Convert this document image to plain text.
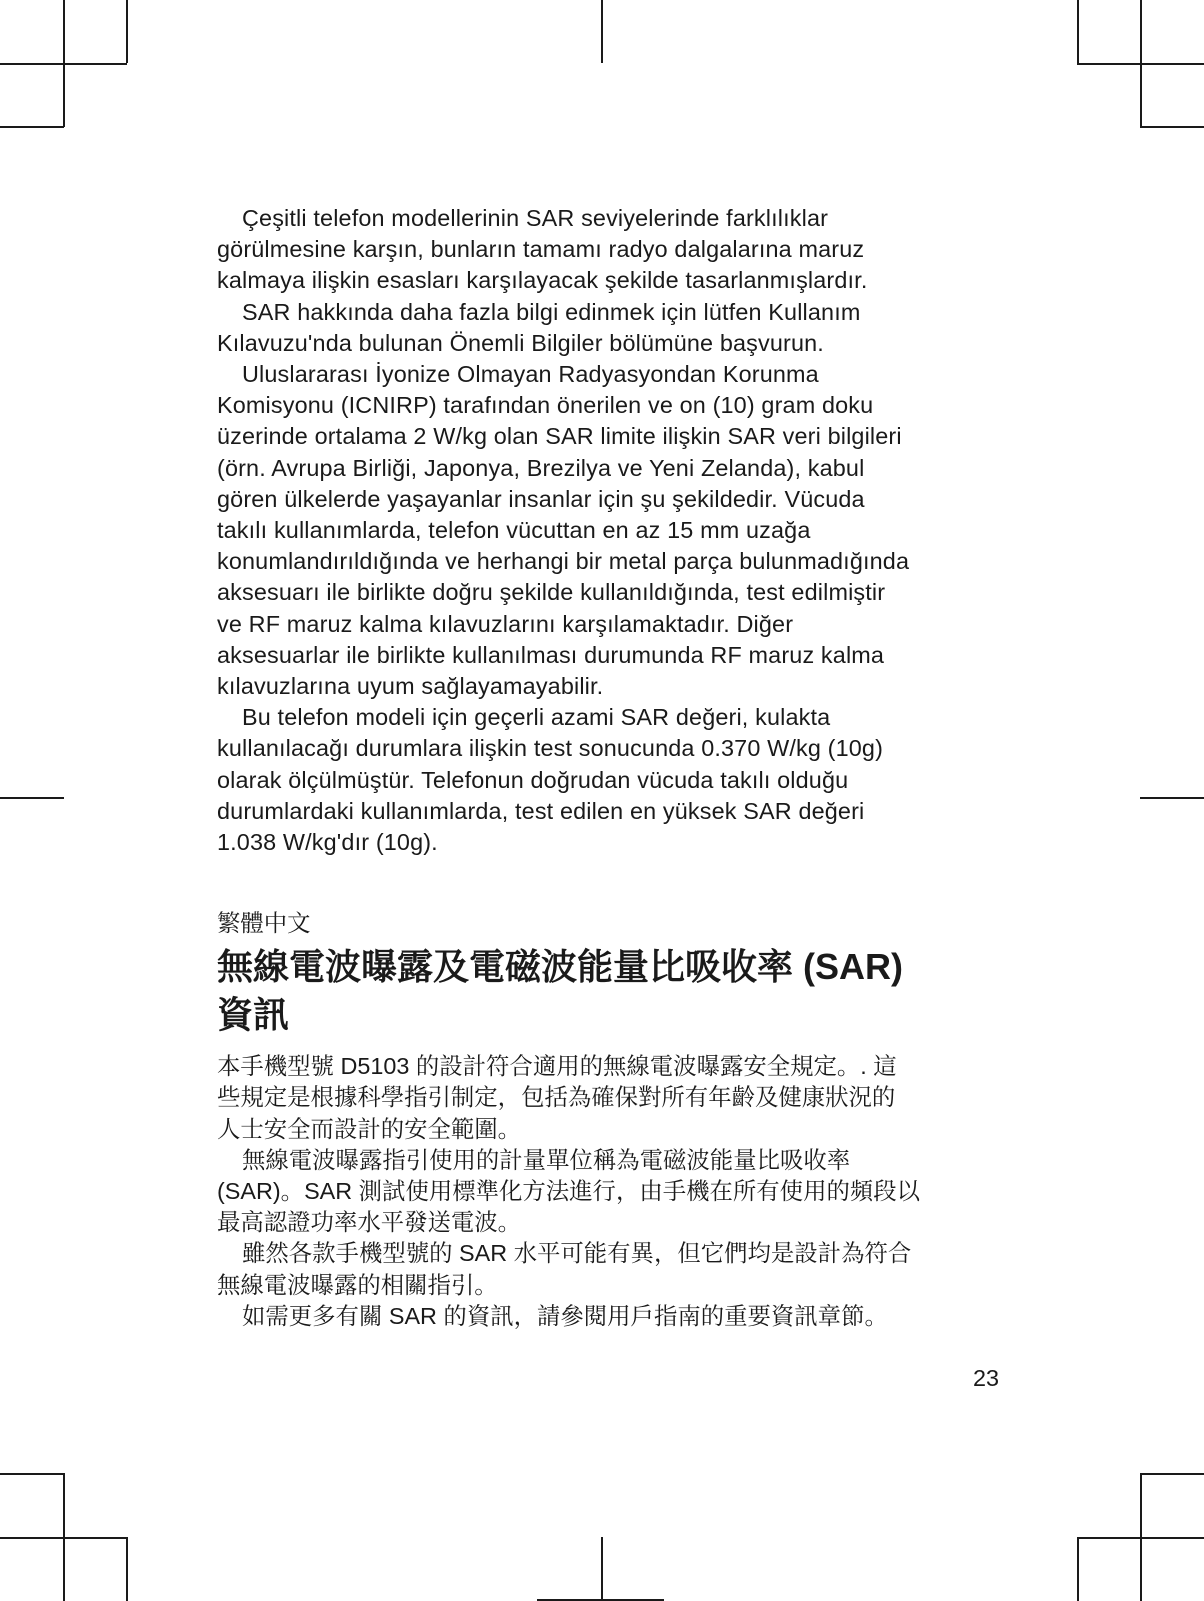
Çeşitli telefon modellerinin SAR seviyelerinde farklılıklar
görülmesine karşın, bunların tamamı radyo dalgalarına maruz
kalmaya ilişkin esasları karşılayacak şekilde tasarlanmışlardır.

SAR hakkında daha fazla bilgi edinmek için lütfen Kullanım
Kılavuzu'nda bulunan Önemli Bilgiler bölümüne başvurun.

Uluslararası İyonize Olmayan Radyasyondan Korunma
Komisyonu (ICNIRP) tarafından önerilen ve on (10) gram doku
üzerinde ortalama 2 W/kg olan SAR limite ilişkin SAR veri bilgileri
(örn. Avrupa Birliği, Japonya, Brezilya ve Yeni Zelanda), kabul
gören ülkelerde yaşayanlar insanlar için şu şekildedir. Vücuda
takılı kullanımlarda, telefon vücuttan en az 15 mm uzağa
konumlandırıldığında ve herhangi bir metal parça bulunmadığında
aksesuarı ile birlikte doğru şekilde kullanıldığında, test edilmiştir
ve RF maruz kalma kılavuzlarını karşılamaktadır. Diğer
aksesuarlar ile birlikte kullanılması durumunda RF maruz kalma
kılavuzlarına uyum sağlayamayabilir.

Bu telefon modeli için geçerli azami SAR değeri, kulakta
kullanılacağı durumlara ilişkin test sonucunda 0.370 W/kg (10g)
olarak ölçülmüştür. Telefonun doğrudan vücuda takılı olduğu
durumlardaki kullanımlarda, test edilen en yüksek SAR değeri
1.038 W/kg'dır (10g).

繁體中文
無線電波曝露及電磁波能量比吸收率 (SAR)
資訊

本手機型號 D5103 的設計符合適用的無線電波曝露安全規定。. 這
些規定是根據科學指引制定，包括為確保對所有年齡及健康狀況的
人士安全而設計的安全範圍。

無線電波曝露指引使用的計量單位稱為電磁波能量比吸收率
(SAR)。SAR 測試使用標準化方法進行，由手機在所有使用的頻段以
最高認證功率水平發送電波。

雖然各款手機型號的 SAR 水平可能有異，但它們均是設計為符合
無線電波曝露的相關指引。

如需更多有關 SAR 的資訊，請參閱用戶指南的重要資訊章節。

23
